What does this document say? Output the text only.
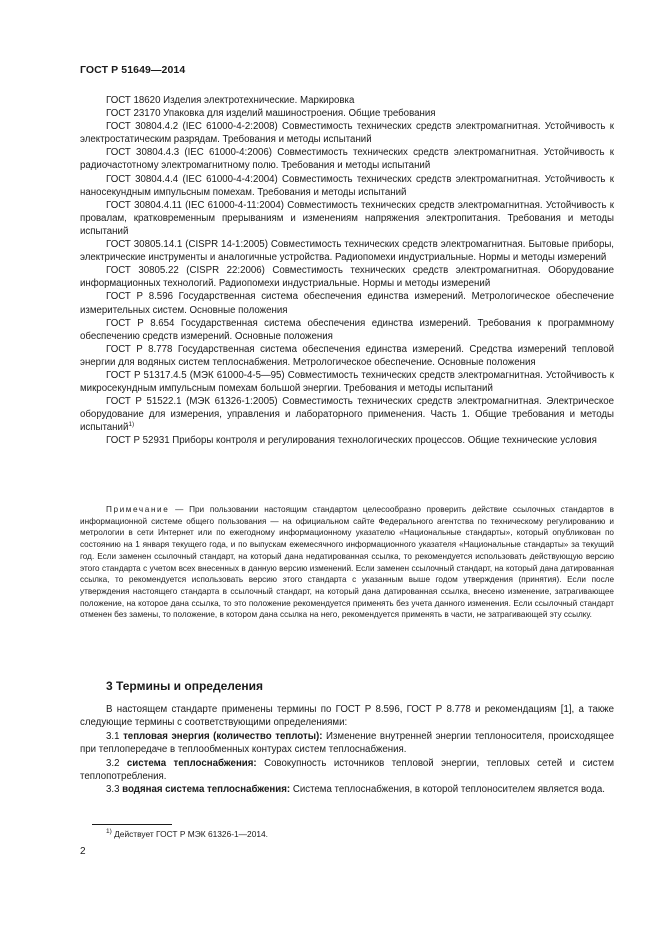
ГОСТ Р 51649—2014

ГОСТ 18620 Изделия электротехнические. Маркировка

ГОСТ 23170 Упаковка для изделий машиностроения. Общие требования

ГОСТ 30804.4.2 (IEC 61000-4-2:2008) Совместимость технических средств электромагнитная. Устойчивость к электростатическим разрядам. Требования и методы испытаний

ГОСТ 30804.4.3 (IEC 61000-4:2006) Совместимость технических средств электромагнитная. Устойчивость к радиочастотному электромагнитному полю. Требования и методы испытаний

ГОСТ 30804.4.4 (IEC 61000-4-4:2004) Совместимость технических средств электромагнитная. Устойчивость к наносекундным импульсным помехам. Требования и методы испытаний

ГОСТ 30804.4.11 (IEC 61000-4-11:2004) Совместимость технических средств электромагнитная. Устойчивость к провалам, кратковременным прерываниям и изменениям напряжения электропитания. Требования и методы испытаний

ГОСТ 30805.14.1 (CISPR 14-1:2005) Совместимость технических средств электромагнитная. Бытовые приборы, электрические инструменты и аналогичные устройства. Радиопомехи индустриальные. Нормы и методы измерений

ГОСТ 30805.22 (CISPR 22:2006) Совместимость технических средств электромагнитная. Оборудование информационных технологий. Радиопомехи индустриальные. Нормы и методы измерений

ГОСТ Р 8.596 Государственная система обеспечения единства измерений. Метрологическое обеспечение измерительных систем. Основные положения

ГОСТ Р 8.654 Государственная система обеспечения единства измерений. Требования к программному обеспечению средств измерений. Основные положения

ГОСТ Р 8.778 Государственная система обеспечения единства измерений. Средства измерений тепловой энергии для водяных систем теплоснабжения. Метрологическое обеспечение. Основные положения

ГОСТ Р 51317.4.5 (МЭК 61000-4-5—95) Совместимость технических средств электромагнитная. Устойчивость к микросекундным импульсным помехам большой энергии. Требования и методы испытаний

ГОСТ Р 51522.1 (МЭК 61326-1:2005) Совместимость технических средств электромагнитная. Электрическое оборудование для измерения, управления и лабораторного применения. Часть 1. Общие требования и методы испытаний$^{1)}$

ГОСТ Р 52931 Приборы контроля и регулирования технологических процессов. Общие технические условия

Примечание — При пользовании настоящим стандартом целесообразно проверить действие ссылочных стандартов в информационной системе общего пользования — на официальном сайте Федерального агентства по техническому регулированию и метрологии в сети Интернет или по ежегодному информационному указателю «Национальные стандарты», который опубликован по состоянию на 1 января текущего года, и по выпускам ежемесячного информационного указателя «Национальные стандарты» за текущий год. Если заменен ссылочный стандарт, на который дана недатированная ссылка, то рекомендуется использовать действующую версию этого стандарта с учетом всех внесенных в данную версию изменений. Если заменен ссылочный стандарт, на который дана датированная ссылка, то рекомендуется использовать версию этого стандарта с указанным выше годом утверждения (принятия). Если после утверждения настоящего стандарта в ссылочный стандарт, на который дана датированная ссылка, внесено изменение, затрагивающее положение, на которое дана ссылка, то это положение рекомендуется применять без учета данного изменения. Если ссылочный стандарт отменен без замены, то положение, в котором дана ссылка на него, рекомендуется применять в части, не затрагивающей эту ссылку.

3 Термины и определения

В настоящем стандарте применены термины по ГОСТ Р 8.596, ГОСТ Р 8.778 и рекомендациям [1], а также следующие термины с соответствующими определениями:

3.1 тепловая энергия (количество теплоты): Изменение внутренней энергии теплоносителя, происходящее при теплопередаче в теплообменных контурах систем теплоснабжения.

3.2 система теплоснабжения: Совокупность источников тепловой энергии, тепловых сетей и систем теплопотребления.

3.3 водяная система теплоснабжения: Система теплоснабжения, в которой теплоносителем является вода.

$^{1)}$ Действует ГОСТ Р МЭК 61326-1—2014.
2
